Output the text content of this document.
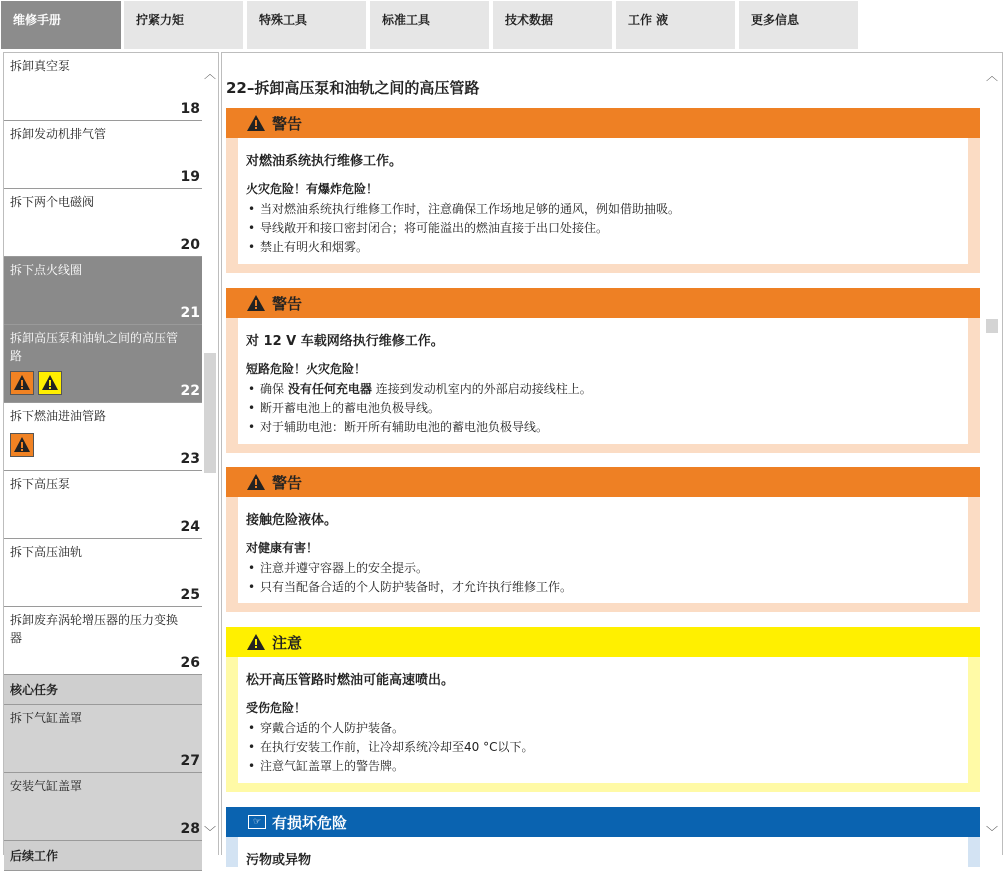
维修手册	拧紧力矩	特殊工具	标准工具	技术数据	工作 液	更多信息
拆卸真空泵
18
拆卸发动机排气管
19
拆下两个电磁阀
20
拆下点火线圈
21
拆卸高压泵和油轨之间的高压管路
22
拆下燃油进油管路
23
拆下高压泵
24
拆下高压油轨
25
拆卸废弃涡轮增压器的压力变换器
26
核心任务
拆下气缸盖罩
27
安装气缸盖罩
28
后续工作
︿
﹀
22–拆卸高压泵和油轨之间的高压管路
警告
对燃油系统执行维修工作。
火灾危险！有爆炸危险！
• 当对燃油系统执行维修工作时，注意确保工作场地足够的通风，例如借助抽吸。
• 导线敞开和接口密封闭合；将可能溢出的燃油直接于出口处接住。
• 禁止有明火和烟雾。
警告
对 12 V 车载网络执行维修工作。
短路危险！火灾危险！
• 确保 没有任何充电器 连接到发动机室内的外部启动接线柱上。
• 断开蓄电池上的蓄电池负极导线。
• 对于辅助电池：断开所有辅助电池的蓄电池负极导线。
警告
接触危险液体。
对健康有害！
• 注意并遵守容器上的安全提示。
• 只有当配备合适的个人防护装备时，才允许执行维修工作。
注意
松开高压管路时燃油可能高速喷出。
受伤危险！
• 穿戴合适的个人防护装备。
• 在执行安装工作前，让冷却系统冷却至40 °C以下。
• 注意气缸盖罩上的警告牌。
☞ 有损坏危险
污物或异物
︿
﹀
